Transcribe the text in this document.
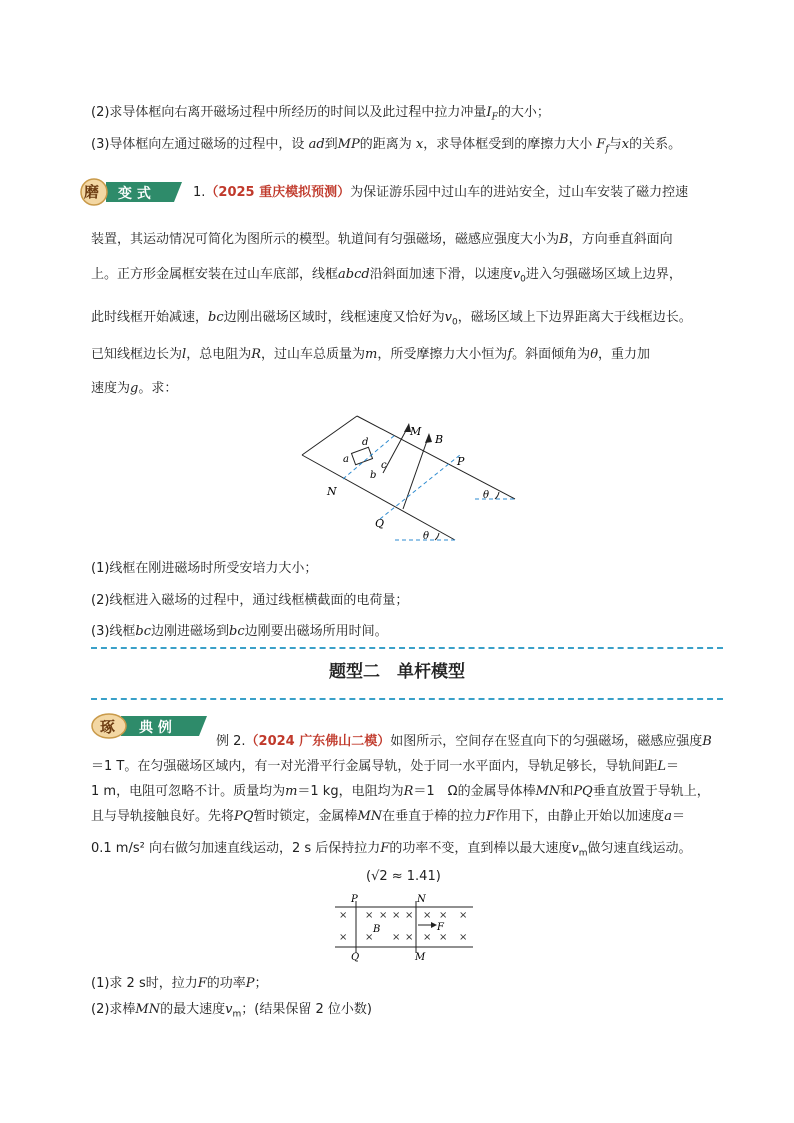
(2)求导体框向右离开磁场过程中所经历的时间以及此过程中拉力冲量$I_F$的大小；
(3)导体框向左通过磁场的过程中，设 ad到MP的距离为 x，求导体框受到的摩擦力大小 $F_f$与x的关系。
磨 变 式	1.（2025 重庆模拟预测）为保证游乐园中过山车的进站安全，过山车安装了磁力控速
装置，其运动情况可简化为图所示的模型。轨道间有匀强磁场，磁感应强度大小为B，方向垂直斜面向
上。正方形金属框安装在过山车底部，线框abcd沿斜面加速下滑，以速度$v_0$进入匀强磁场区域上边界，
此时线框开始减速，bc边刚出磁场区域时，线框速度又恰好为$v_0$，磁场区域上下边界距离大于线框边长。
已知线框边长为l，总电阻为R，过山车总质量为m，所受摩擦力大小恒为f。斜面倾角为θ，重力加
速度为g。求：
M
B
P
N
Q
a
b
c
d
θ
θ
(1)线框在刚进磁场时所受安培力大小；
(2)线框进入磁场的过程中，通过线框横截面的电荷量；
(3)线框bc边刚进磁场到bc边刚要出磁场所用时间。
题型二　单杆模型
琢 典 例
例 2.（2024 广东佛山二模）如图所示，空间存在竖直向下的匀强磁场，磁感应强度B
＝1 T。在匀强磁场区域内，有一对光滑平行金属导轨，处于同一水平面内，导轨足够长，导轨间距L＝
1 m，电阻可忽略不计。质量均为m＝1 kg，电阻均为R＝1　Ω的金属导体棒MN和PQ垂直放置于导轨上，
且与导轨接触良好。先将PQ暂时锁定，金属棒MN在垂直于棒的拉力F作用下，由静止开始以加速度a＝
0.1 m/s² 向右做匀加速直线运动，2 s 后保持拉力F的功率不变，直到棒以最大速度$v_m$做匀速直线运动。
(√2 ≈ 1.41)
× × × × × × × ×
× × × × × × ×
P	N
Q	M
B	F
(1)求 2 s时，拉力F的功率P；
(2)求棒MN的最大速度$v_m$；(结果保留 2 位小数)
